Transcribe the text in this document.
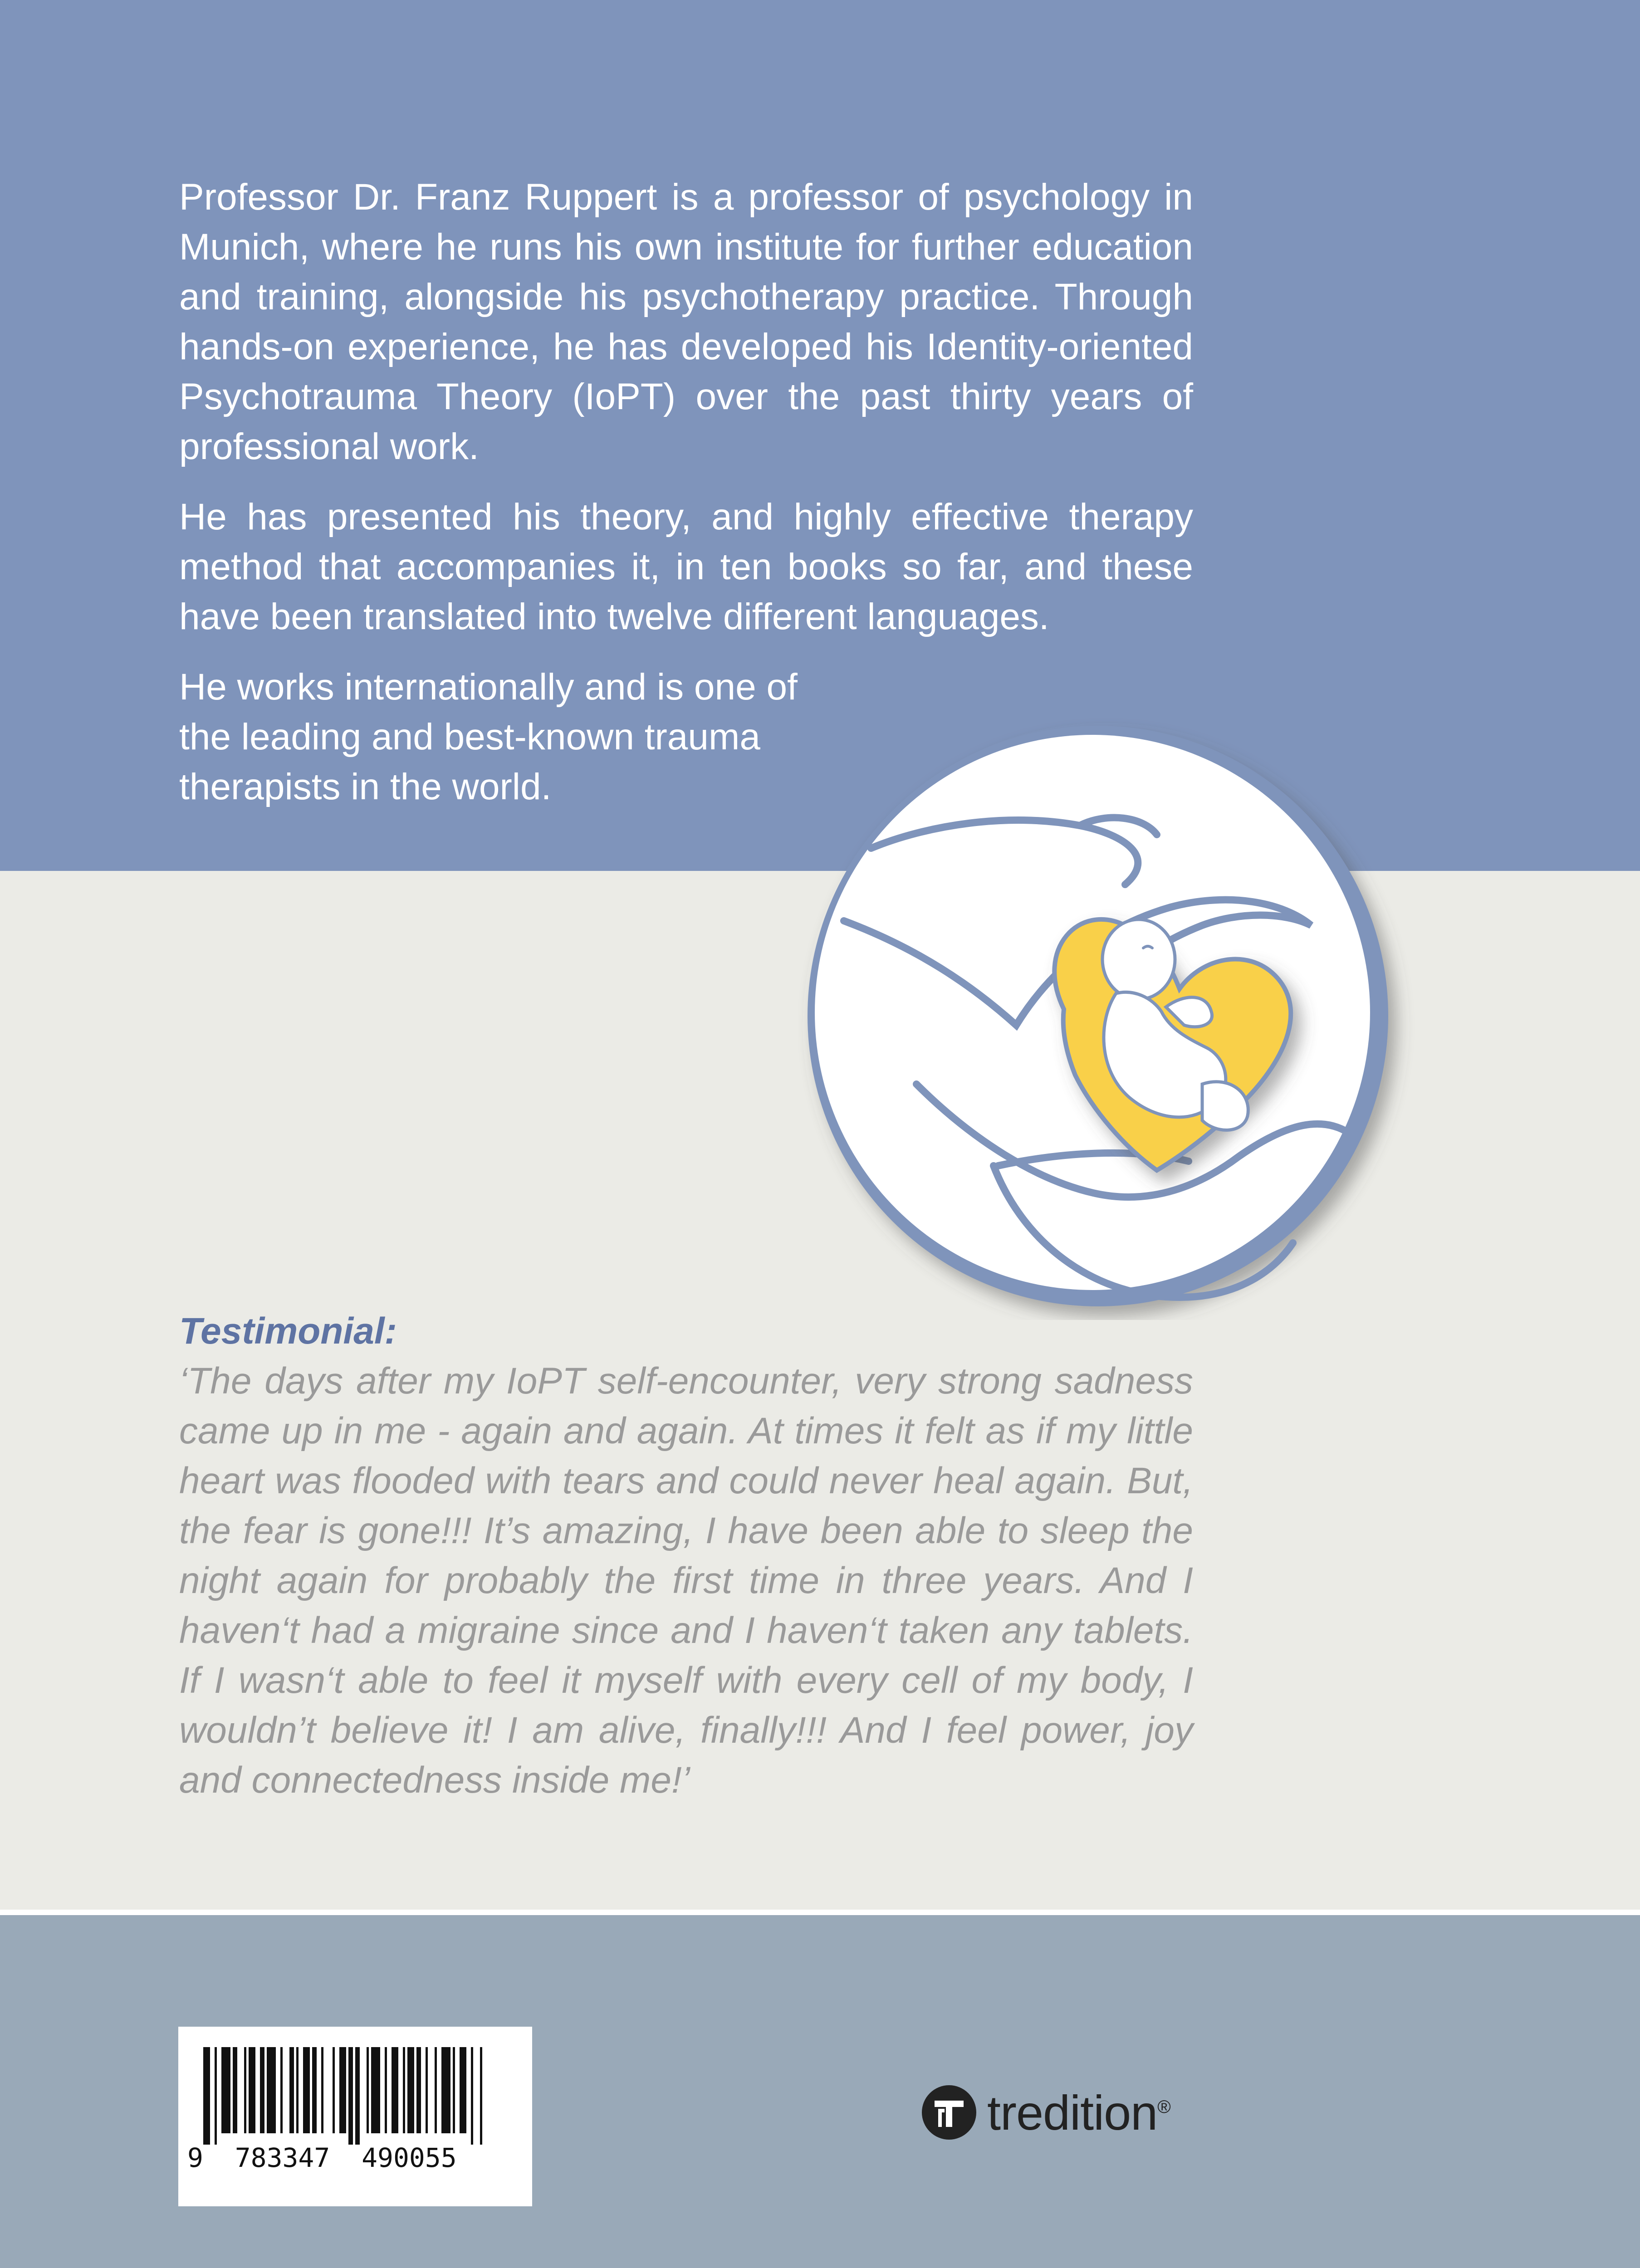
Professor Dr. Franz Ruppert is a professor of psychology in Munich, where he runs his own institute for further education and training, alongside his psychotherapy practice. Through hands-on experience, he has developed his Identity-oriented Psychotrauma Theory (IoPT) over the past thirty years of professional work.

He has presented his theory, and highly effective therapy method that accompanies it, in ten books so far, and these have been translated into twelve different languages.

He works internationally and is one of the leading and best-known trauma therapists in the world.

Testimonial:

‘The days after my IoPT self-encounter, very strong sadness came up in me - again and again. At times it felt as if my little heart was flooded with tears and could never heal again. But, the fear is gone!!! It’s amazing, I have been able to sleep the night again for probably the first time in three years. And I haven‘t had a migraine since and I haven‘t taken any tablets. If I wasn‘t able to feel it myself with every cell of my body, I wouldn’t believe it! I am alive, finally!!! And I feel power, joy and connectedness inside me!’

9  783347  490055
tredition®
